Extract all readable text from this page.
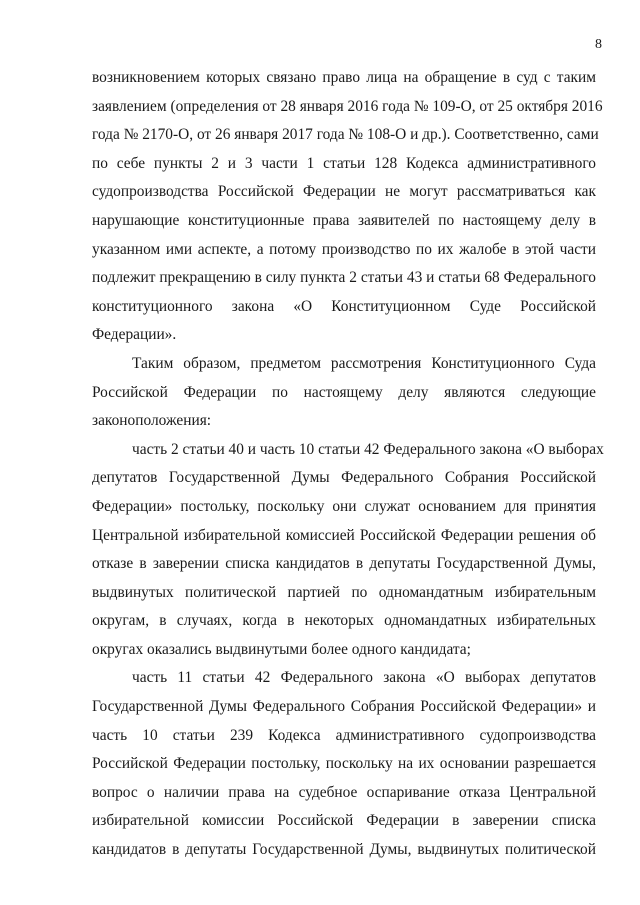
8
возникновением которых связано право лица на обращение в суд с таким
заявлением (определения от 28 января 2016 года № 109-О, от 25 октября 2016
года № 2170-О, от 26 января 2017 года № 108-О и др.). Соответственно, сами
по себе пункты 2 и 3 части 1 статьи 128 Кодекса административного
судопроизводства Российской Федерации не могут рассматриваться как
нарушающие конституционные права заявителей по настоящему делу в
указанном ими аспекте, а потому производство по их жалобе в этой части
подлежит прекращению в силу пункта 2 статьи 43 и статьи 68 Федерального
конституционного закона «О Конституционном Суде Российской
Федерации».
Таким образом, предметом рассмотрения Конституционного Суда
Российской Федерации по настоящему делу являются следующие
законоположения:
часть 2 статьи 40 и часть 10 статьи 42 Федерального закона «О выборах
депутатов Государственной Думы Федерального Собрания Российской
Федерации» постольку, поскольку они служат основанием для принятия
Центральной избирательной комиссией Российской Федерации решения об
отказе в заверении списка кандидатов в депутаты Государственной Думы,
выдвинутых политической партией по одномандатным избирательным
округам, в случаях, когда в некоторых одномандатных избирательных
округах оказались выдвинутыми более одного кандидата;
часть 11 статьи 42 Федерального закона «О выборах депутатов
Государственной Думы Федерального Собрания Российской Федерации» и
часть 10 статьи 239 Кодекса административного судопроизводства
Российской Федерации постольку, поскольку на их основании разрешается
вопрос о наличии права на судебное оспаривание отказа Центральной
избирательной комиссии Российской Федерации в заверении списка
кандидатов в депутаты Государственной Думы, выдвинутых политической
